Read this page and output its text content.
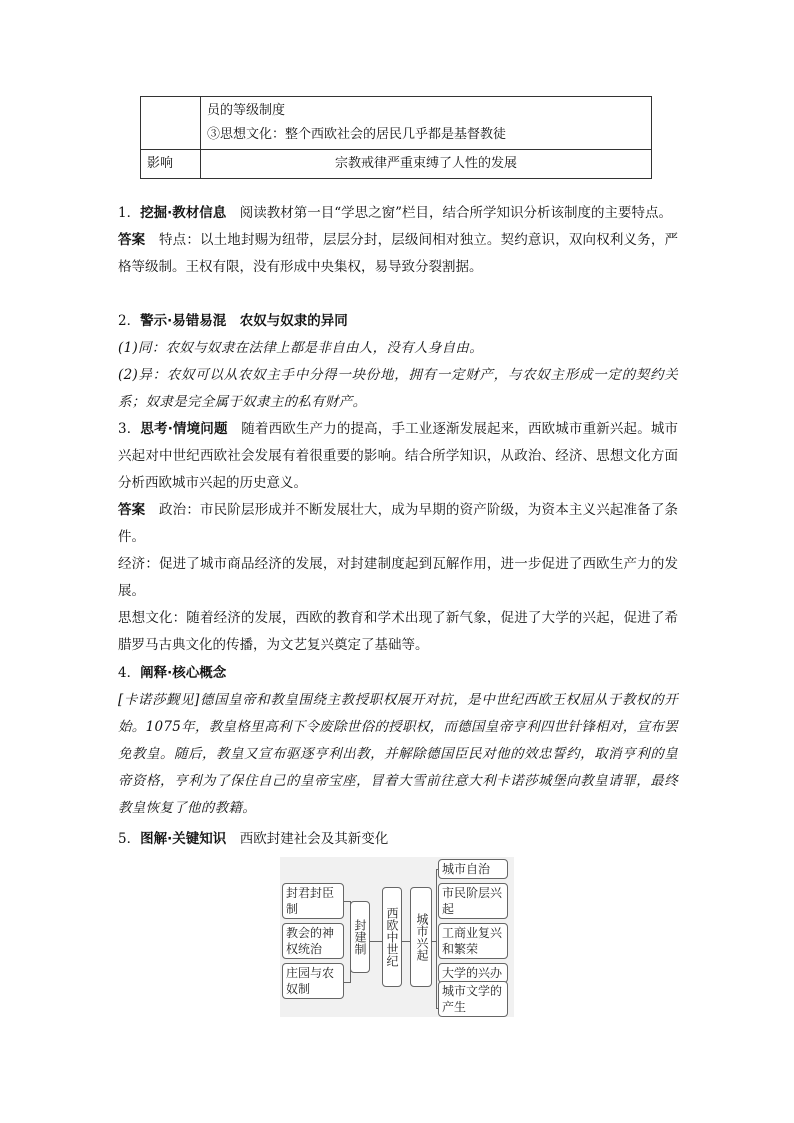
	员的等级制度
③思想文化：整个西欧社会的居民几乎都是基督教徒

影响	宗教戒律严重束缚了人性的发展

1．挖掘·教材信息　 阅读教材第一目“学思之窗”栏目，结合所学知识分析该制度的主要特点。

答案　 特点：以土地封赐为纽带，层层分封，层级间相对独立。契约意识，双向权利义务，严格等级制。王权有限，没有形成中央集权，易导致分裂割据。

2．警示·易错易混　 农奴与奴隶的异同

(1)同：农奴与奴隶在法律上都是非自由人，没有人身自由。

(2)异：农奴可以从农奴主手中分得一块份地，拥有一定财产，与农奴主形成一定的契约关系；奴隶是完全属于奴隶主的私有财产。

3．思考·情境问题　 随着西欧生产力的提高，手工业逐渐发展起来，西欧城市重新兴起。城市兴起对中世纪西欧社会发展有着很重要的影响。结合所学知识，从政治、经济、思想文化方面分析西欧城市兴起的历史意义。

答案　 政治：市民阶层形成并不断发展壮大，成为早期的资产阶级，为资本主义兴起准备了条件。

经济：促进了城市商品经济的发展，对封建制度起到瓦解作用，进一步促进了西欧生产力的发展。

思想文化：随着经济的发展，西欧的教育和学术出现了新气象，促进了大学的兴起，促进了希腊罗马古典文化的传播，为文艺复兴奠定了基础等。

4．阐释·核心概念

[卡诺莎觐见]德国皇帝和教皇围绕主教授职权展开对抗，是中世纪西欧王权屈从于教权的开始。1075年，教皇格里高利下令废除世俗的授职权，而德国皇帝亨利四世针锋相对，宣布罢免教皇。随后，教皇又宣布驱逐亨利出教，并解除德国臣民对他的效忠誓约，取消亨利的皇帝资格，亨利为了保住自己的皇帝宝座，冒着大雪前往意大利卡诺莎城堡向教皇请罪，最终教皇恢复了他的教籍。

5．图解·关键知识　 西欧封建社会及其新变化

封君封臣制
教会的神权统治
庄园与农奴制
封建制 西欧中世纪	城市兴起
城市自治
市民阶层兴起
工商业复兴和繁荣
大学的兴办
城市文学的产生
